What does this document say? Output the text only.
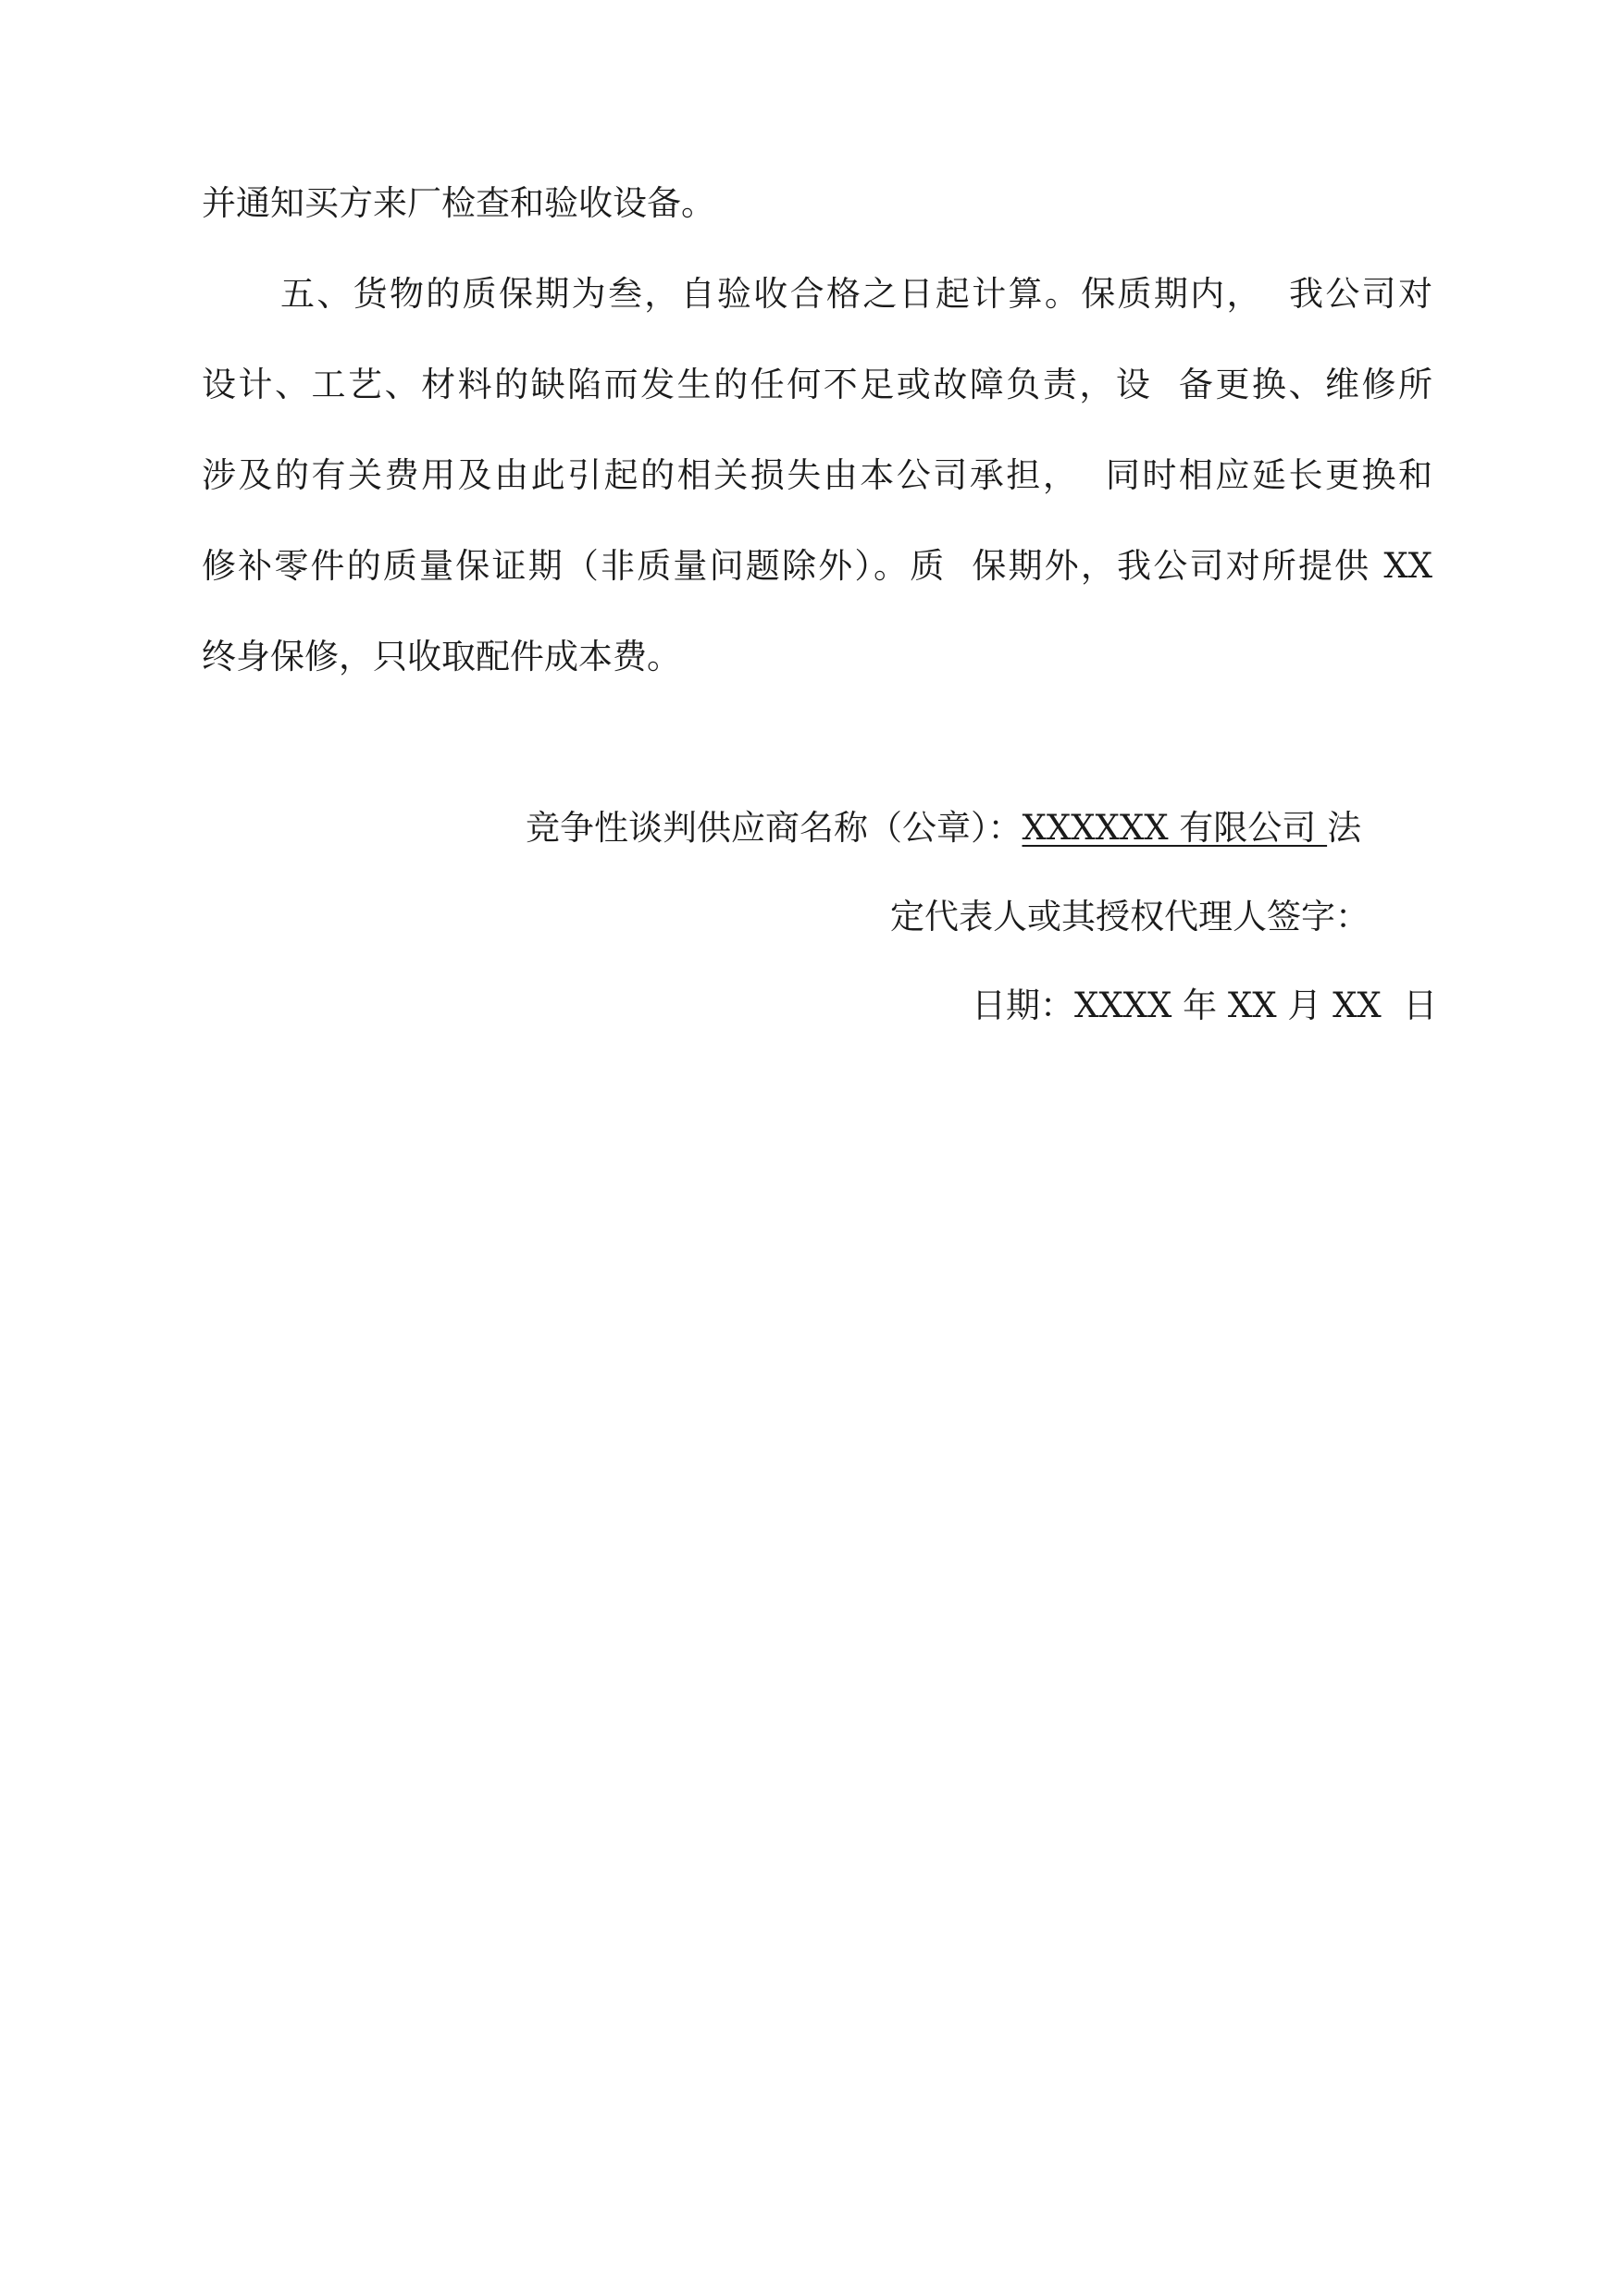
并通知买方来厂检查和验收设备。
五、货物的质保期为叁，自验收合格之日起计算。保质期内，  我公司对
设计、工艺、材料的缺陷而发生的任何不足或故障负责，设  备更换、维修所
涉及的有关费用及由此引起的相关损失由本公司承担，  同时相应延长更换和
修补零件的质量保证期（非质量问题除外）。质  保期外，我公司对所提供 XX
终身保修，只收取配件成本费。
竞争性谈判供应商名称（公章）：XXXXXX 有限公司 法
定代表人或其授权代理人签字：
日期：XXXX 年 XX 月 XX  日
